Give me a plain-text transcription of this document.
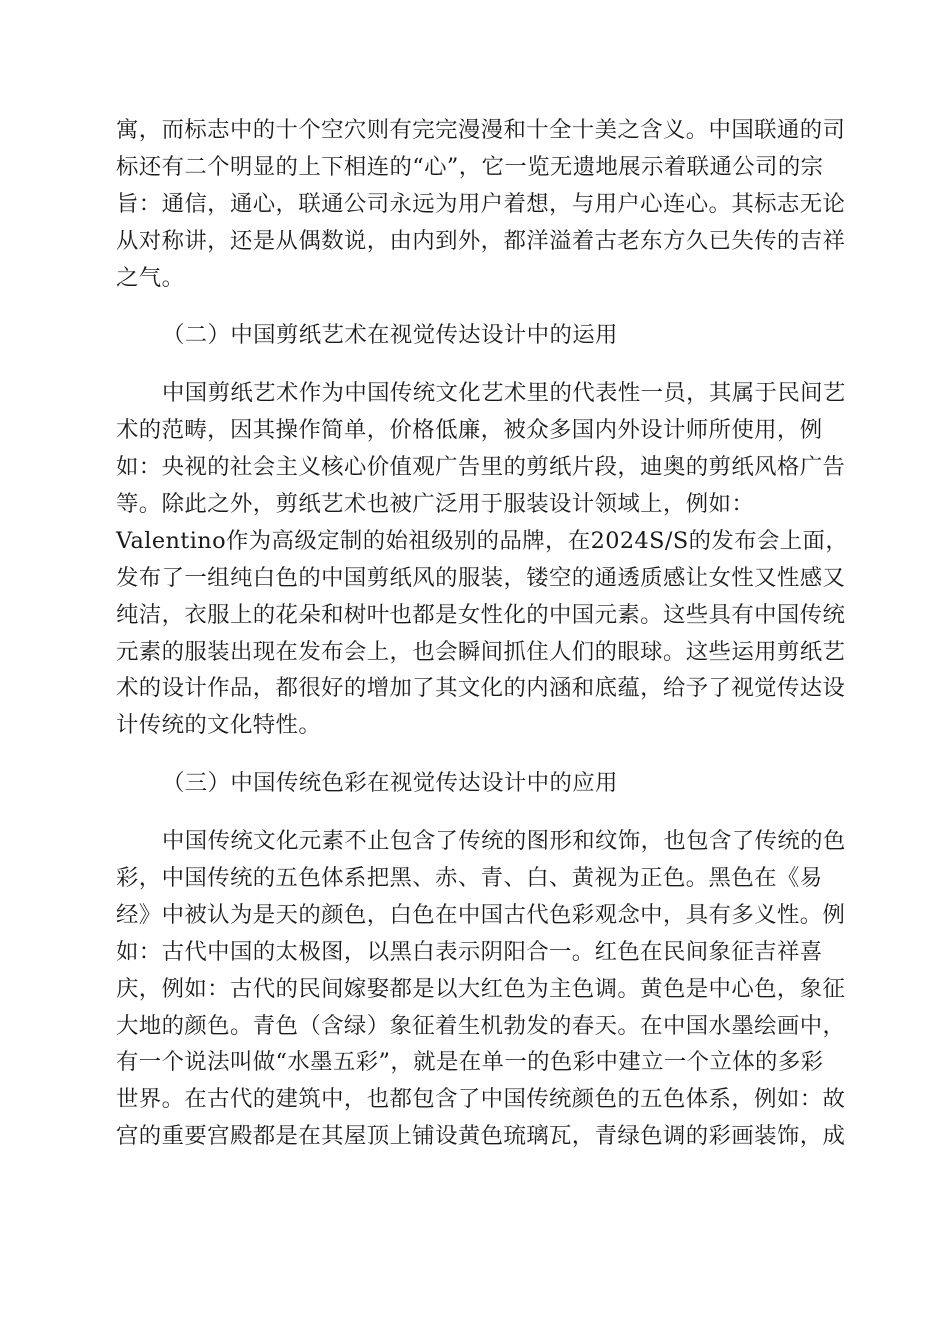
寓，而标志中的十个空穴则有完完漫漫和十全十美之含义。中国联通的司
标还有二个明显的上下相连的“心”，它一览无遗地展示着联通公司的宗
旨：通信，通心，联通公司永远为用户着想，与用户心连心。其标志无论
从对称讲，还是从偶数说，由内到外，都洋溢着古老东方久已失传的吉祥
之气。
（二）中国剪纸艺术在视觉传达设计中的运用
中国剪纸艺术作为中国传统文化艺术里的代表性一员，其属于民间艺
术的范畴，因其操作简单，价格低廉，被众多国内外设计师所使用，例
如：央视的社会主义核心价值观广告里的剪纸片段，迪奥的剪纸风格广告
等。除此之外，剪纸艺术也被广泛用于服装设计领域上，例如：
Valentino作为高级定制的始祖级别的品牌，在2024S/S的发布会上面，
发布了一组纯白色的中国剪纸风的服装，镂空的通透质感让女性又性感又
纯洁，衣服上的花朵和树叶也都是女性化的中国元素。这些具有中国传统
元素的服装出现在发布会上，也会瞬间抓住人们的眼球。这些运用剪纸艺
术的设计作品，都很好的增加了其文化的内涵和底蕴，给予了视觉传达设
计传统的文化特性。
（三）中国传统色彩在视觉传达设计中的应用
中国传统文化元素不止包含了传统的图形和纹饰，也包含了传统的色
彩，中国传统的五色体系把黑、赤、青、白、黄视为正色。黑色在《易
经》中被认为是天的颜色，白色在中国古代色彩观念中，具有多义性。例
如：古代中国的太极图，以黑白表示阴阳合一。红色在民间象征吉祥喜
庆，例如：古代的民间嫁娶都是以大红色为主色调。黄色是中心色，象征
大地的颜色。青色（含绿）象征着生机勃发的春天。在中国水墨绘画中，
有一个说法叫做“水墨五彩”，就是在单一的色彩中建立一个立体的多彩
世界。在古代的建筑中，也都包含了中国传统颜色的五色体系，例如：故
宫的重要宫殿都是在其屋顶上铺设黄色琉璃瓦，青绿色调的彩画装饰，成
